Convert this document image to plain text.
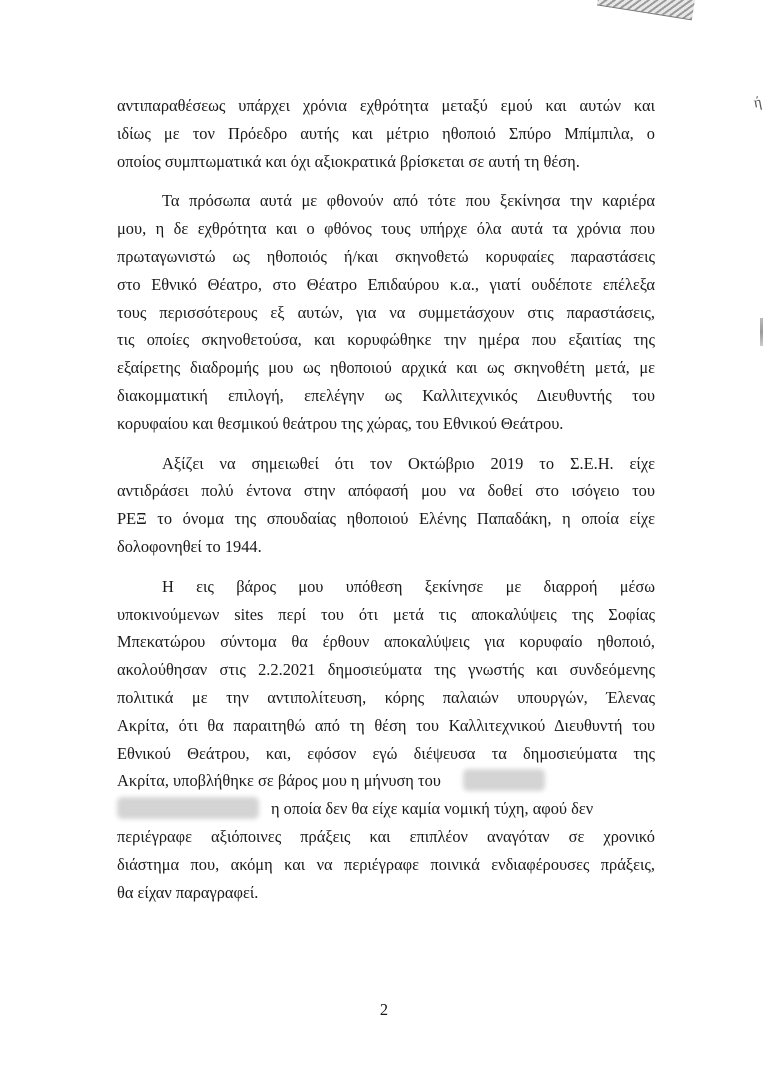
ή

αντιπαραθέσεως υπάρχει χρόνια εχθρότητα μεταξύ εμού και αυτών και

ιδίως με τον Πρόεδρο αυτής και μέτριο ηθοποιό Σπύρο Μπίμπιλα, ο

οποίος συμπτωματικά και όχι αξιοκρατικά βρίσκεται σε αυτή τη θέση.

Τα πρόσωπα αυτά με φθονούν από τότε που ξεκίνησα την καριέρα

μου, η δε εχθρότητα και ο φθόνος τους υπήρχε όλα αυτά τα χρόνια που

πρωταγωνιστώ ως ηθοποιός ή/και σκηνοθετώ κορυφαίες παραστάσεις

στο Εθνικό Θέατρο, στο Θέατρο Επιδαύρου κ.α., γιατί ουδέποτε επέλεξα

τους περισσότερους εξ αυτών, για να συμμετάσχουν στις παραστάσεις,

τις οποίες σκηνοθετούσα, και κορυφώθηκε την ημέρα που εξαιτίας της

εξαίρετης διαδρομής μου ως ηθοποιού αρχικά και ως σκηνοθέτη μετά, με

διακομματική επιλογή, επελέγην ως Καλλιτεχνικός Διευθυντής του

κορυφαίου και θεσμικού θεάτρου της χώρας, του Εθνικού Θεάτρου.

Αξίζει να σημειωθεί ότι τον Οκτώβριο 2019 το Σ.Ε.Η. είχε

αντιδράσει πολύ έντονα στην απόφασή μου να δοθεί στο ισόγειο του

ΡΕΞ το όνομα της σπουδαίας ηθοποιού Ελένης Παπαδάκη, η οποία είχε

δολοφονηθεί το 1944.

Η εις βάρος μου υπόθεση ξεκίνησε με διαρροή μέσω

υποκινούμενων sites περί του ότι μετά τις αποκαλύψεις της Σοφίας

Μπεκατώρου σύντομα θα έρθουν αποκαλύψεις για κορυφαίο ηθοποιό,

ακολούθησαν στις 2.2.2021 δημοσιεύματα της γνωστής και συνδεόμενης

πολιτικά με την αντιπολίτευση, κόρης παλαιών υπουργών, Έλενας

Ακρίτα, ότι θα παραιτηθώ από τη θέση του Καλλιτεχνικού Διευθυντή του

Εθνικού Θεάτρου, και, εφόσον εγώ διέψευσα τα δημοσιεύματα της

Ακρίτα, υποβλήθηκε σε βάρος μου η μήνυση του

η οποία δεν θα είχε καμία νομική τύχη, αφού δεν

περιέγραφε αξιόποινες πράξεις και επιπλέον αναγόταν σε χρονικό

διάστημα που, ακόμη και να περιέγραφε ποινικά ενδιαφέρουσες πράξεις,

θα είχαν παραγραφεί.

2
